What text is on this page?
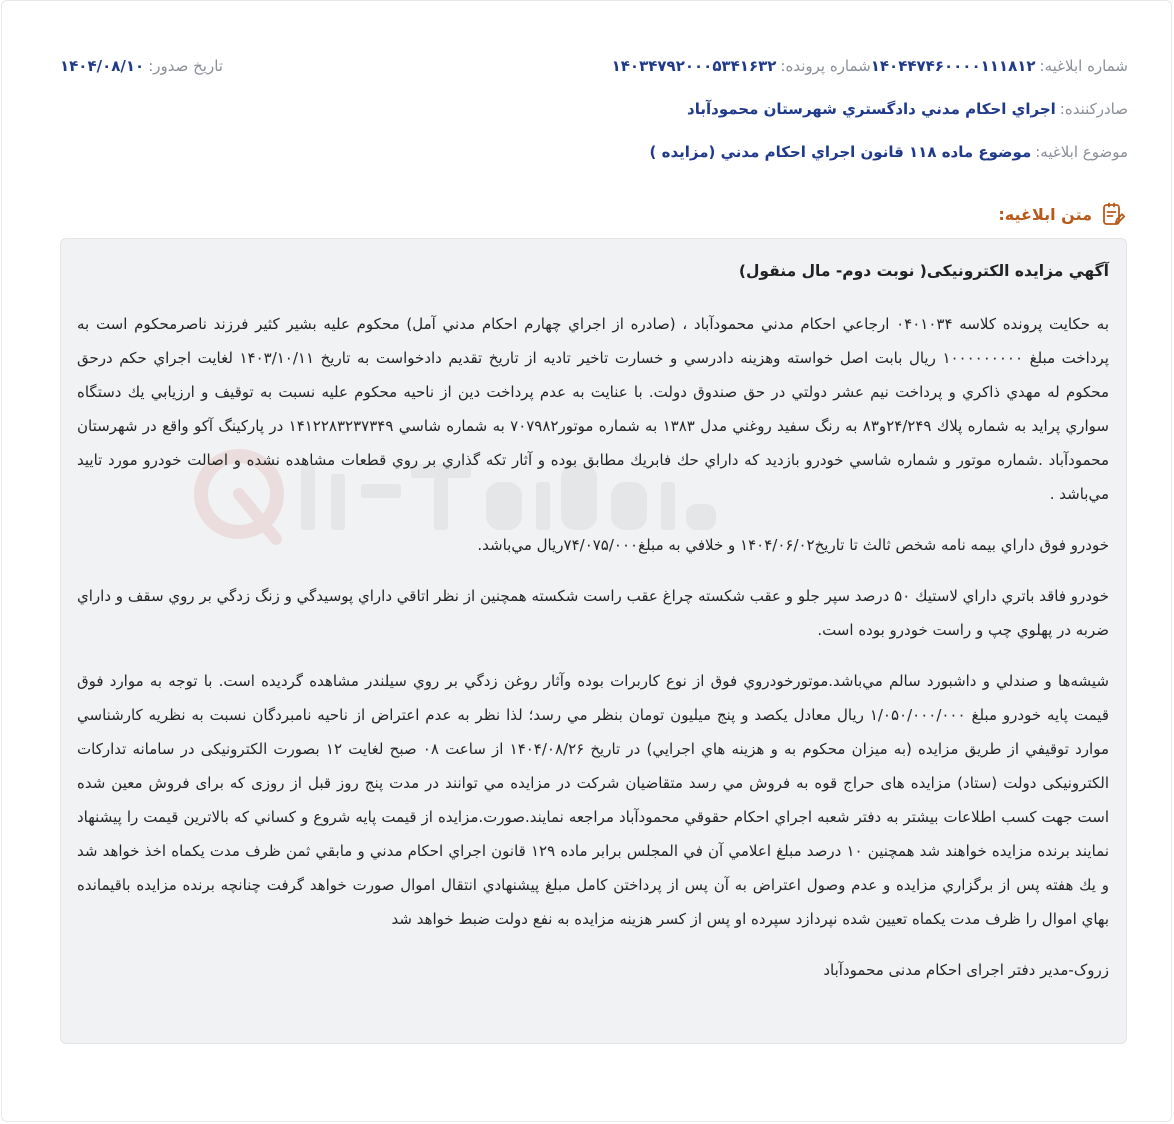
شماره ابلاغيه:
۱۴۰۴۴۷۴۶۰۰۰۰۱۱۱۸۱۲
شماره پرونده:
۱۴۰۳۴۷۹۲۰۰۰۵۳۴۱۶۳۲
تاريخ صدور:
۱۴۰۴/۰۸/۱۰
صادرکننده:
اجراي احکام مدني دادگستري شهرستان محمودآباد
موضوع ابلاغيه:
موضوع ماده ۱۱۸ قانون اجراي احکام مدني (مزايده )
متن ابلاغيه:
آگهي مزايده الکترونيکی( نوبت دوم- مال منقول)

به حکايت پرونده کلاسه ۰۴۰۱۰۳۴ ارجاعي احکام مدني محمودآباد ، (صادره از اجراي چهارم احکام مدني آمل) محکوم عليه بشير کثير فرزند ناصرمحکوم است به پرداخت مبلغ ۱۰۰۰۰۰۰۰۰۰ ريال بابت اصل خواسته وهزينه دادرسي و خسارت تاخير تاديه از تاريخ تقديم دادخواست به تاريخ ۱۴۰۳/۱۰/۱۱ لغايت اجراي حکم درحق محکوم له مهدي ذاکري و پرداخت نيم عشر دولتي در حق صندوق دولت. با عنايت به عدم پرداخت دين از ناحيه محکوم عليه نسبت به توقيف و ارزيابي يك دستگاه سواري پرايد به شماره پلاك ۲۴/۲۴۹و۸۳ به رنگ سفيد روغني مدل ۱۳۸۳ به شماره موتور۷۰۷۹۸۲ به شماره شاسي ۱۴۱۲۲۸۳۲۳۷۳۴۹ در پارکينگ آکو واقع در شهرستان محمودآباد .شماره موتور و شماره شاسي خودرو بازديد که داراي حك فابريك مطابق بوده و آثار تکه گذاري بر روي قطعات مشاهده نشده و اصالت خودرو مورد تاييد مي‌باشد .

خودرو فوق داراي بيمه نامه شخص ثالث تا تاريخ۱۴۰۴/۰۶/۰۲ و خلافي به مبلغ۷۴/۰۷۵/۰۰۰ريال مي‌باشد.

خودرو فاقد باتري داراي لاستيك ۵۰ درصد سپر جلو و عقب شکسته چراغ عقب راست شکسته همچنين از نظر اتاقي داراي پوسيدگي و زنگ زدگي بر روي سقف و داراي ضربه در پهلوي چپ و راست خودرو بوده است.

شيشه‌ها و صندلي و داشبورد سالم مي‌باشد.موتورخودروي فوق از نوع کاربرات بوده وآثار روغن زدگي بر روي سيلندر مشاهده گرديده است. با توجه به موارد فوق قيمت پايه خودرو مبلغ ۱/۰۵۰/۰۰۰/۰۰۰ ريال معادل يکصد و پنج ميليون تومان بنظر مي رسد؛ لذا نظر به عدم اعتراض از ناحيه نامبردگان نسبت به نظريه کارشناسي موارد توقيفي از طريق مزايده (به ميزان محکوم به و هزينه هاي اجرايي) در تاريخ ۱۴۰۴/۰۸/۲۶ از ساعت ۰۸ صبح لغايت ۱۲ بصورت الکترونيکی در سامانه تدارکات الکترونيکی دولت (ستاد) مزايده های حراج قوه به فروش مي رسد متقاضيان شرکت در مزايده مي توانند در مدت پنج روز قبل از روزی که برای فروش معين شده است جهت کسب اطلاعات بيشتر به دفتر شعبه اجراي احکام حقوقي محمودآباد مراجعه نمايند.صورت.مزايده از قيمت پايه شروع و کساني که بالاترين قيمت را پيشنهاد نمايند برنده مزايده خواهند شد همچنين ۱۰ درصد مبلغ اعلامي آن في المجلس برابر ماده ۱۲۹ قانون اجراي احکام مدني و مابقي ثمن ظرف مدت يکماه اخذ خواهد شد و يك هفته پس از برگزاري مزايده و عدم وصول اعتراض به آن پس از پرداختن کامل مبلغ پيشنهادي انتقال اموال صورت خواهد گرفت چنانچه برنده مزايده باقيمانده بهاي اموال را ظرف مدت يکماه تعيين شده نپردازد سپرده او پس از کسر هزينه مزايده به نفع دولت ضبط خواهد شد

زروک-مدير دفتر اجرای احکام مدنی محمودآباد
